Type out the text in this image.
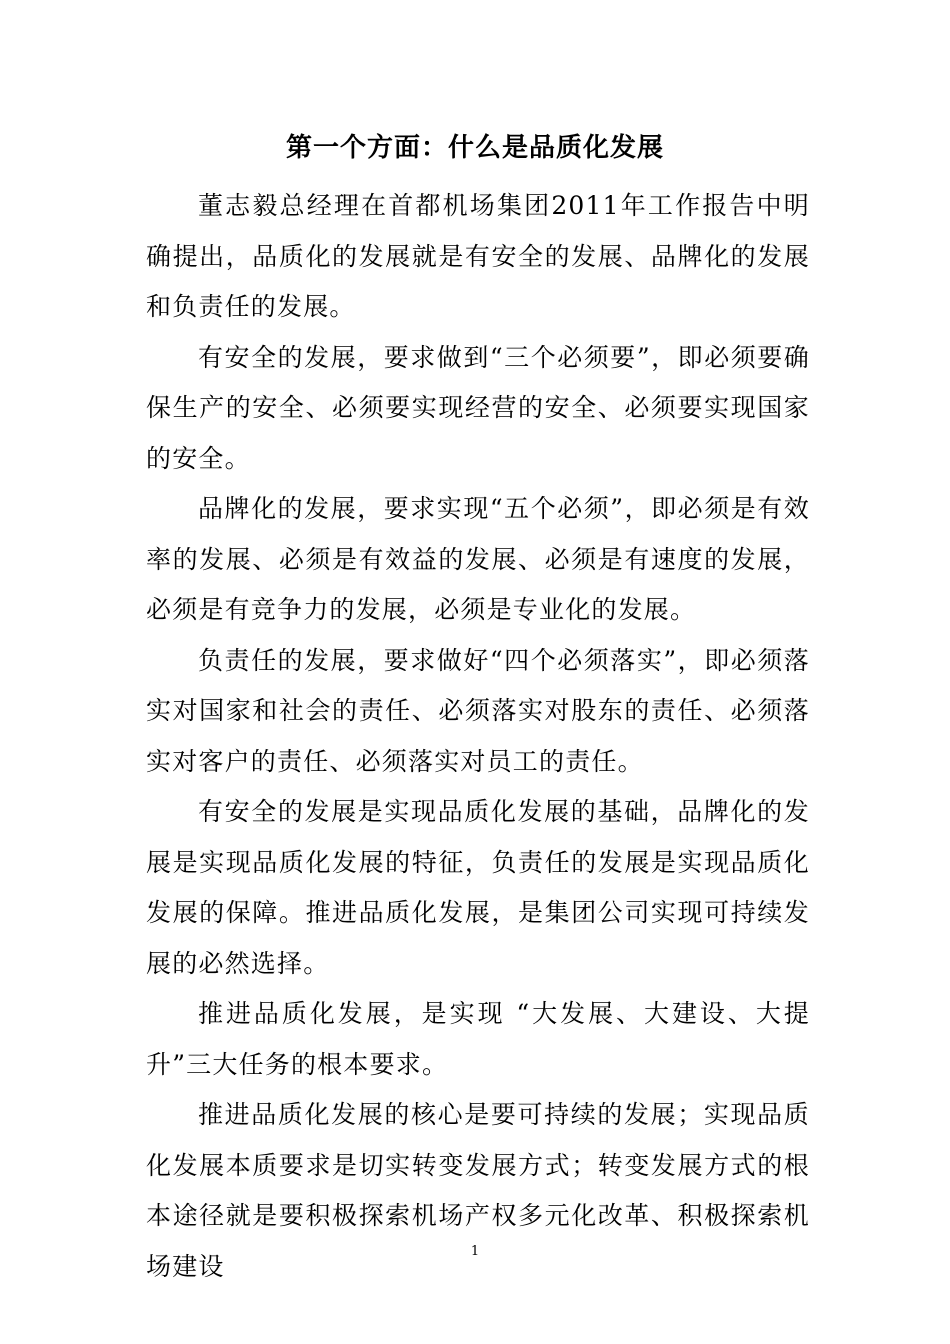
第一个方面：什么是品质化发展

董志毅总经理在首都机场集团2011年工作报告中明确提出，品质化的发展就是有安全的发展、品牌化的发展和负责任的发展。

有安全的发展，要求做到“三个必须要”，即必须要确保生产的安全、必须要实现经营的安全、必须要实现国家的安全。

品牌化的发展，要求实现“五个必须”，即必须是有效率的发展、必须是有效益的发展、必须是有速度的发展，必须是有竞争力的发展，必须是专业化的发展。

负责任的发展，要求做好“四个必须落实”，即必须落实对国家和社会的责任、必须落实对股东的责任、必须落实对客户的责任、必须落实对员工的责任。

有安全的发展是实现品质化发展的基础，品牌化的发展是实现品质化发展的特征，负责任的发展是实现品质化发展的保障。推进品质化发展，是集团公司实现可持续发展的必然选择。

推进品质化发展，是实现 “大发展、大建设、大提升”三大任务的根本要求。

推进品质化发展的核心是要可持续的发展；实现品质化发展本质要求是切实转变发展方式；转变发展方式的根本途径就是要积极探索机场产权多元化改革、积极探索机场建设	1
